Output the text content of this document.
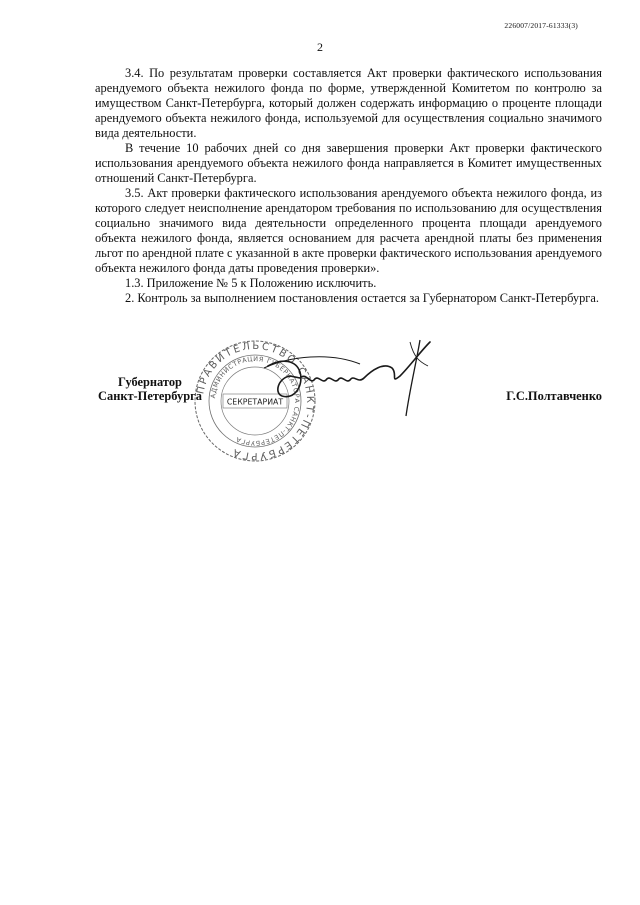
226007/2017-61333(3)
2

3.4. По результатам проверки составляется Акт проверки фактического использования арендуемого объекта нежилого фонда по форме, утвержденной Комитетом по контролю за имуществом Санкт-Петербурга, который должен содержать информацию о проценте площади арендуемого объекта нежилого фонда, используемой для осуществления социально значимого вида деятельности.

В течение 10 рабочих дней со дня завершения проверки Акт проверки фактического использования арендуемого объекта нежилого фонда направляется в Комитет имущественных отношений Санкт-Петербурга.

3.5. Акт проверки фактического использования арендуемого объекта нежилого фонда, из которого следует неисполнение арендатором требования по использованию для осуществления социально значимого вида деятельности определенного процента площади арендуемого объекта нежилого фонда, является основанием для расчета арендной платы без применения льгот по арендной плате с указанной в акте проверки фактического использования арендуемого объекта нежилого фонда даты проведения проверки».

1.3. Приложение № 5 к Положению исключить.

2. Контроль за выполнением постановления остается за Губернатором Санкт-Петербурга.

Губернатор
Санкт-Петербурга
ПРАВИТЕЛЬСТВО САНКТ-ПЕТЕРБУРГА
АДМИНИСТРАЦИЯ ГУБЕРНАТОРА САНКТ-ПЕТЕРБУРГА
СЕКРЕТАРИАТ	Г.С.Полтавченко
